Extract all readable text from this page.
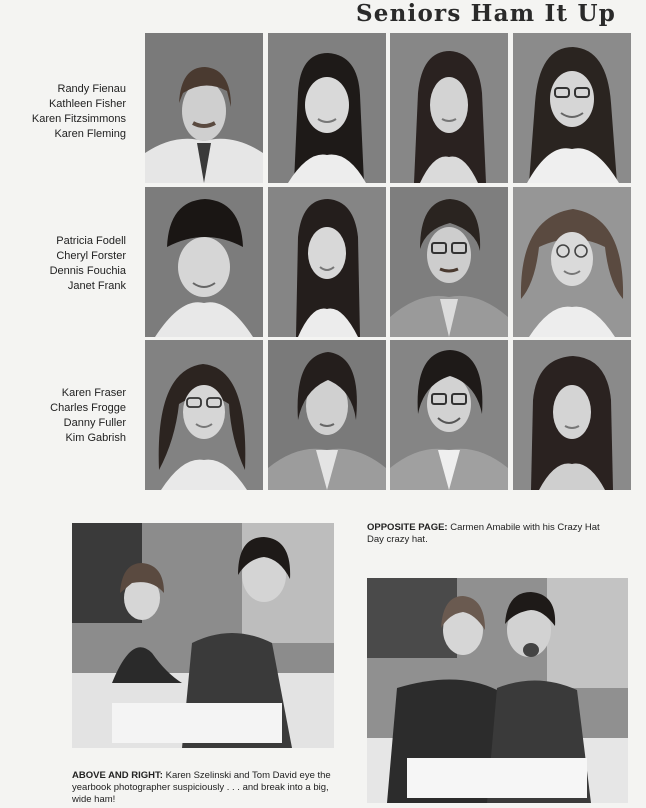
Seniors Ham It Up
Randy Fienau
Kathleen Fisher
Karen Fitzsimmons
Karen Fleming
Patricia Fodell
Cheryl Forster
Dennis Fouchia
Janet Frank
Karen Fraser
Charles Frogge
Danny Fuller
Kim Gabrish
OPPOSITE PAGE: Carmen Amabile with his Crazy Hat Day crazy hat.
ABOVE AND RIGHT: Karen Szelinski and Tom David eye the yearbook photographer suspiciously . . . and break into a big, wide ham!
